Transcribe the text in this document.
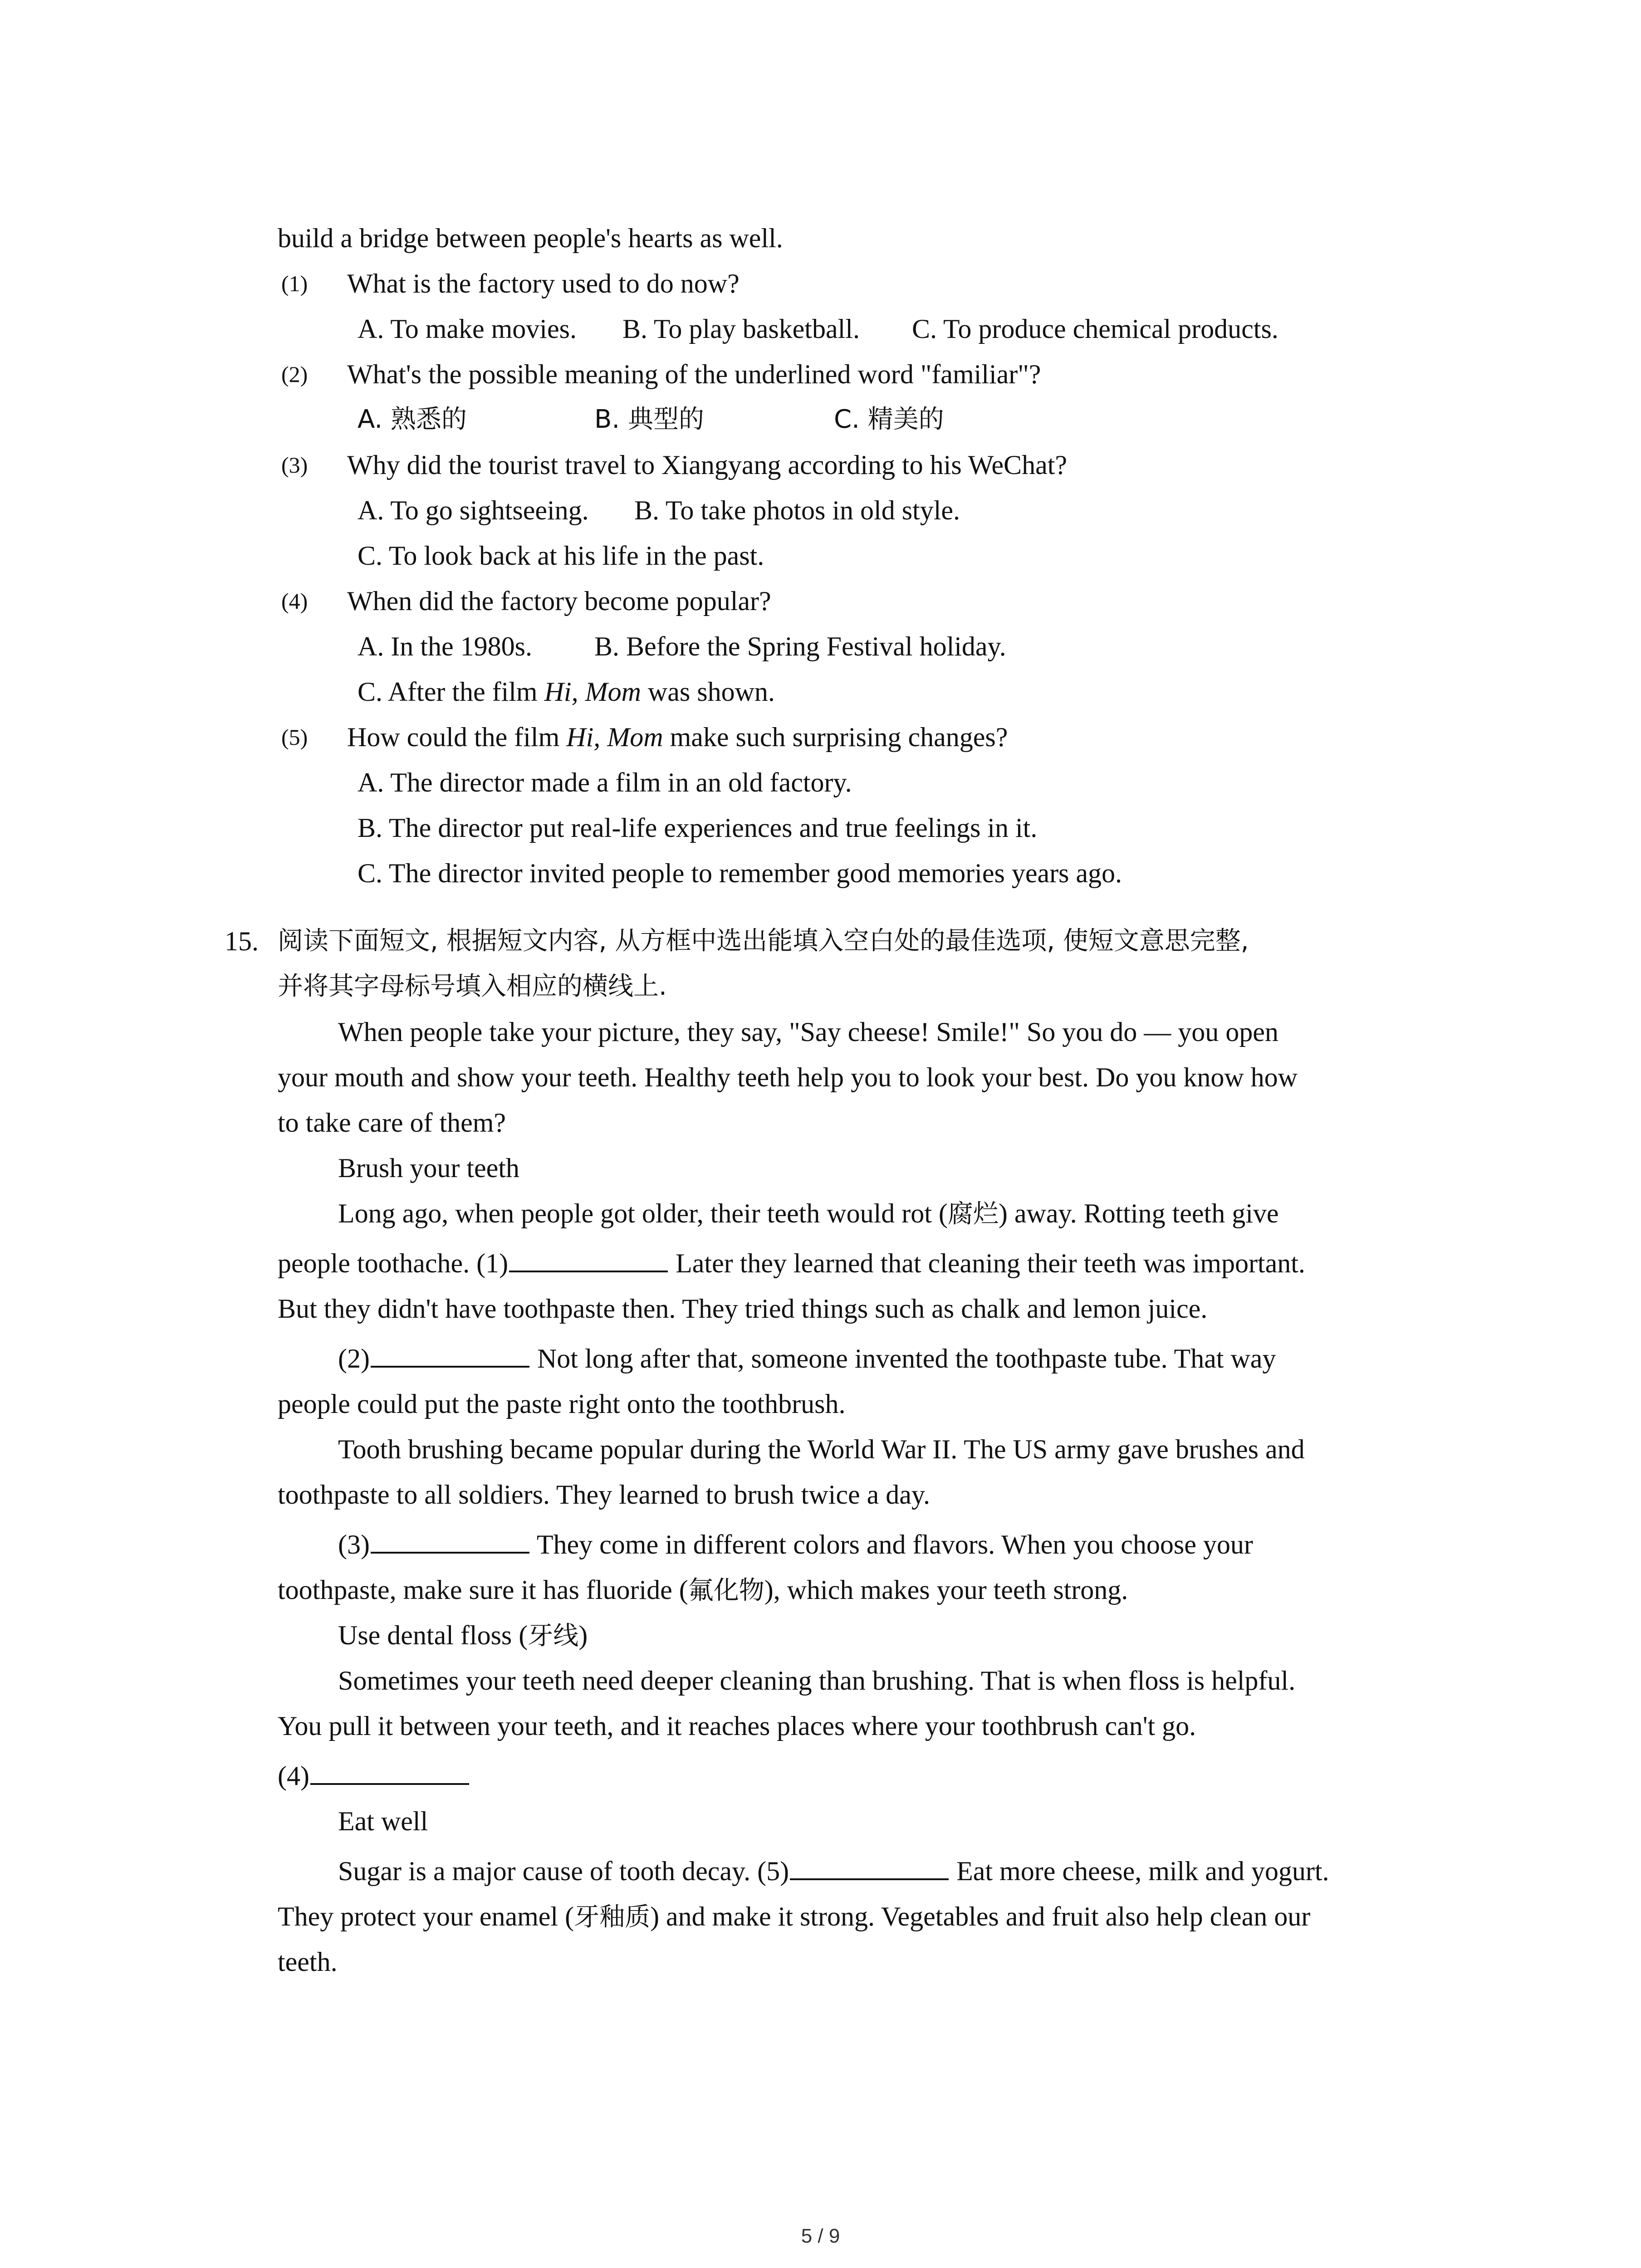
build a bridge between people's hearts as well.
(1) What is the factory used to do now?
A. To make movies. B. To play basketball. C. To produce chemical products.
(2) What's the possible meaning of the underlined word "familiar"?
A. 熟悉的	B. 典型的	C. 精美的
(3) Why did the tourist travel to Xiangyang according to his WeChat?
A. To go sightseeing. B. To take photos in old style.
C. To look back at his life in the past.
(4) When did the factory become popular?
A. In the 1980s. B. Before the Spring Festival holiday.
C. After the film Hi, Mom was shown.
(5) How could the film Hi, Mom make such surprising changes?
A. The director made a film in an old factory.
B. The director put real-life experiences and true feelings in it.
C. The director invited people to remember good memories years ago.
15. 阅读下面短文, 根据短文内容, 从方框中选出能填入空白处的最佳选项, 使短文意思完整,
并将其字母标号填入相应的横线上.
When people take your picture, they say, "Say cheese! Smile!" So you do — you open
your mouth and show your teeth. Healthy teeth help you to look your best. Do you know how
to take care of them?
Brush your teeth
Long ago, when people got older, their teeth would rot (腐烂) away. Rotting teeth give
people toothache. (1)	Later they learned that cleaning their teeth was important.
But they didn't have toothpaste then. They tried things such as chalk and lemon juice.
(2)	Not long after that, someone invented the toothpaste tube. That way
people could put the paste right onto the toothbrush.
Tooth brushing became popular during the World War II. The US army gave brushes and
toothpaste to all soldiers. They learned to brush twice a day.
(3)	They come in different colors and flavors. When you choose your
toothpaste, make sure it has fluoride (氟化物), which makes your teeth strong.
Use dental floss (牙线)
Sometimes your teeth need deeper cleaning than brushing. That is when floss is helpful.
You pull it between your teeth, and it reaches places where your toothbrush can't go.
(4)
Eat well
Sugar is a major cause of tooth decay. (5)	Eat more cheese, milk and yogurt.
They protect your enamel (牙釉质) and make it strong. Vegetables and fruit also help clean our
teeth.
5 / 9
